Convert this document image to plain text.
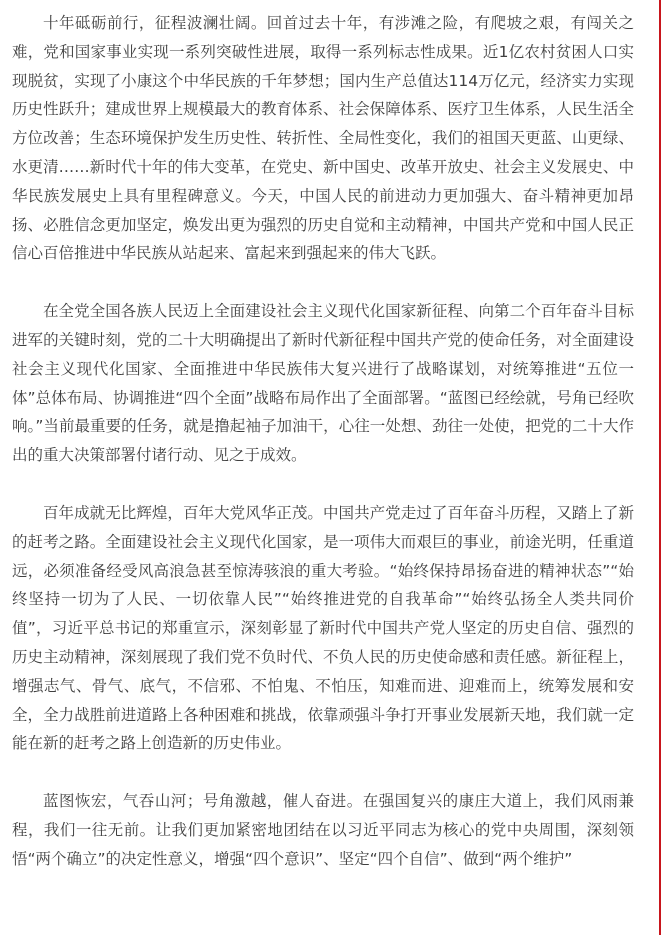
十年砥砺前行，征程波澜壮阔。回首过去十年，有涉滩之险，有爬坡之艰，有闯关之难，党和国家事业实现一系列突破性进展，取得一系列标志性成果。近1亿农村贫困人口实现脱贫，实现了小康这个中华民族的千年梦想；国内生产总值达114万亿元，经济实力实现历史性跃升；建成世界上规模最大的教育体系、社会保障体系、医疗卫生体系，人民生活全方位改善；生态环境保护发生历史性、转折性、全局性变化，我们的祖国天更蓝、山更绿、水更清……新时代十年的伟大变革，在党史、新中国史、改革开放史、社会主义发展史、中华民族发展史上具有里程碑意义。今天，中国人民的前进动力更加强大、奋斗精神更加昂扬、必胜信念更加坚定，焕发出更为强烈的历史自觉和主动精神，中国共产党和中国人民正信心百倍推进中华民族从站起来、富起来到强起来的伟大飞跃。

在全党全国各族人民迈上全面建设社会主义现代化国家新征程、向第二个百年奋斗目标进军的关键时刻，党的二十大明确提出了新时代新征程中国共产党的使命任务，对全面建设社会主义现代化国家、全面推进中华民族伟大复兴进行了战略谋划，对统筹推进“五位一体”总体布局、协调推进“四个全面”战略布局作出了全面部署。“蓝图已经绘就，号角已经吹响。”当前最重要的任务，就是撸起袖子加油干，心往一处想、劲往一处使，把党的二十大作出的重大决策部署付诸行动、见之于成效。

百年成就无比辉煌，百年大党风华正茂。中国共产党走过了百年奋斗历程，又踏上了新的赶考之路。全面建设社会主义现代化国家，是一项伟大而艰巨的事业，前途光明，任重道远，必须准备经受风高浪急甚至惊涛骇浪的重大考验。“始终保持昂扬奋进的精神状态”“始终坚持一切为了人民、一切依靠人民”“始终推进党的自我革命”“始终弘扬全人类共同价值”，习近平总书记的郑重宣示，深刻彰显了新时代中国共产党人坚定的历史自信、强烈的历史主动精神，深刻展现了我们党不负时代、不负人民的历史使命感和责任感。新征程上，增强志气、骨气、底气，不信邪、不怕鬼、不怕压，知难而进、迎难而上，统筹发展和安全，全力战胜前进道路上各种困难和挑战，依靠顽强斗争打开事业发展新天地，我们就一定能在新的赶考之路上创造新的历史伟业。

蓝图恢宏，气吞山河；号角激越，催人奋进。在强国复兴的康庄大道上，我们风雨兼程，我们一往无前。让我们更加紧密地团结在以习近平同志为核心的党中央周围，深刻领悟“两个确立”的决定性意义，增强“四个意识”、坚定“四个自信”、做到“两个维护”
